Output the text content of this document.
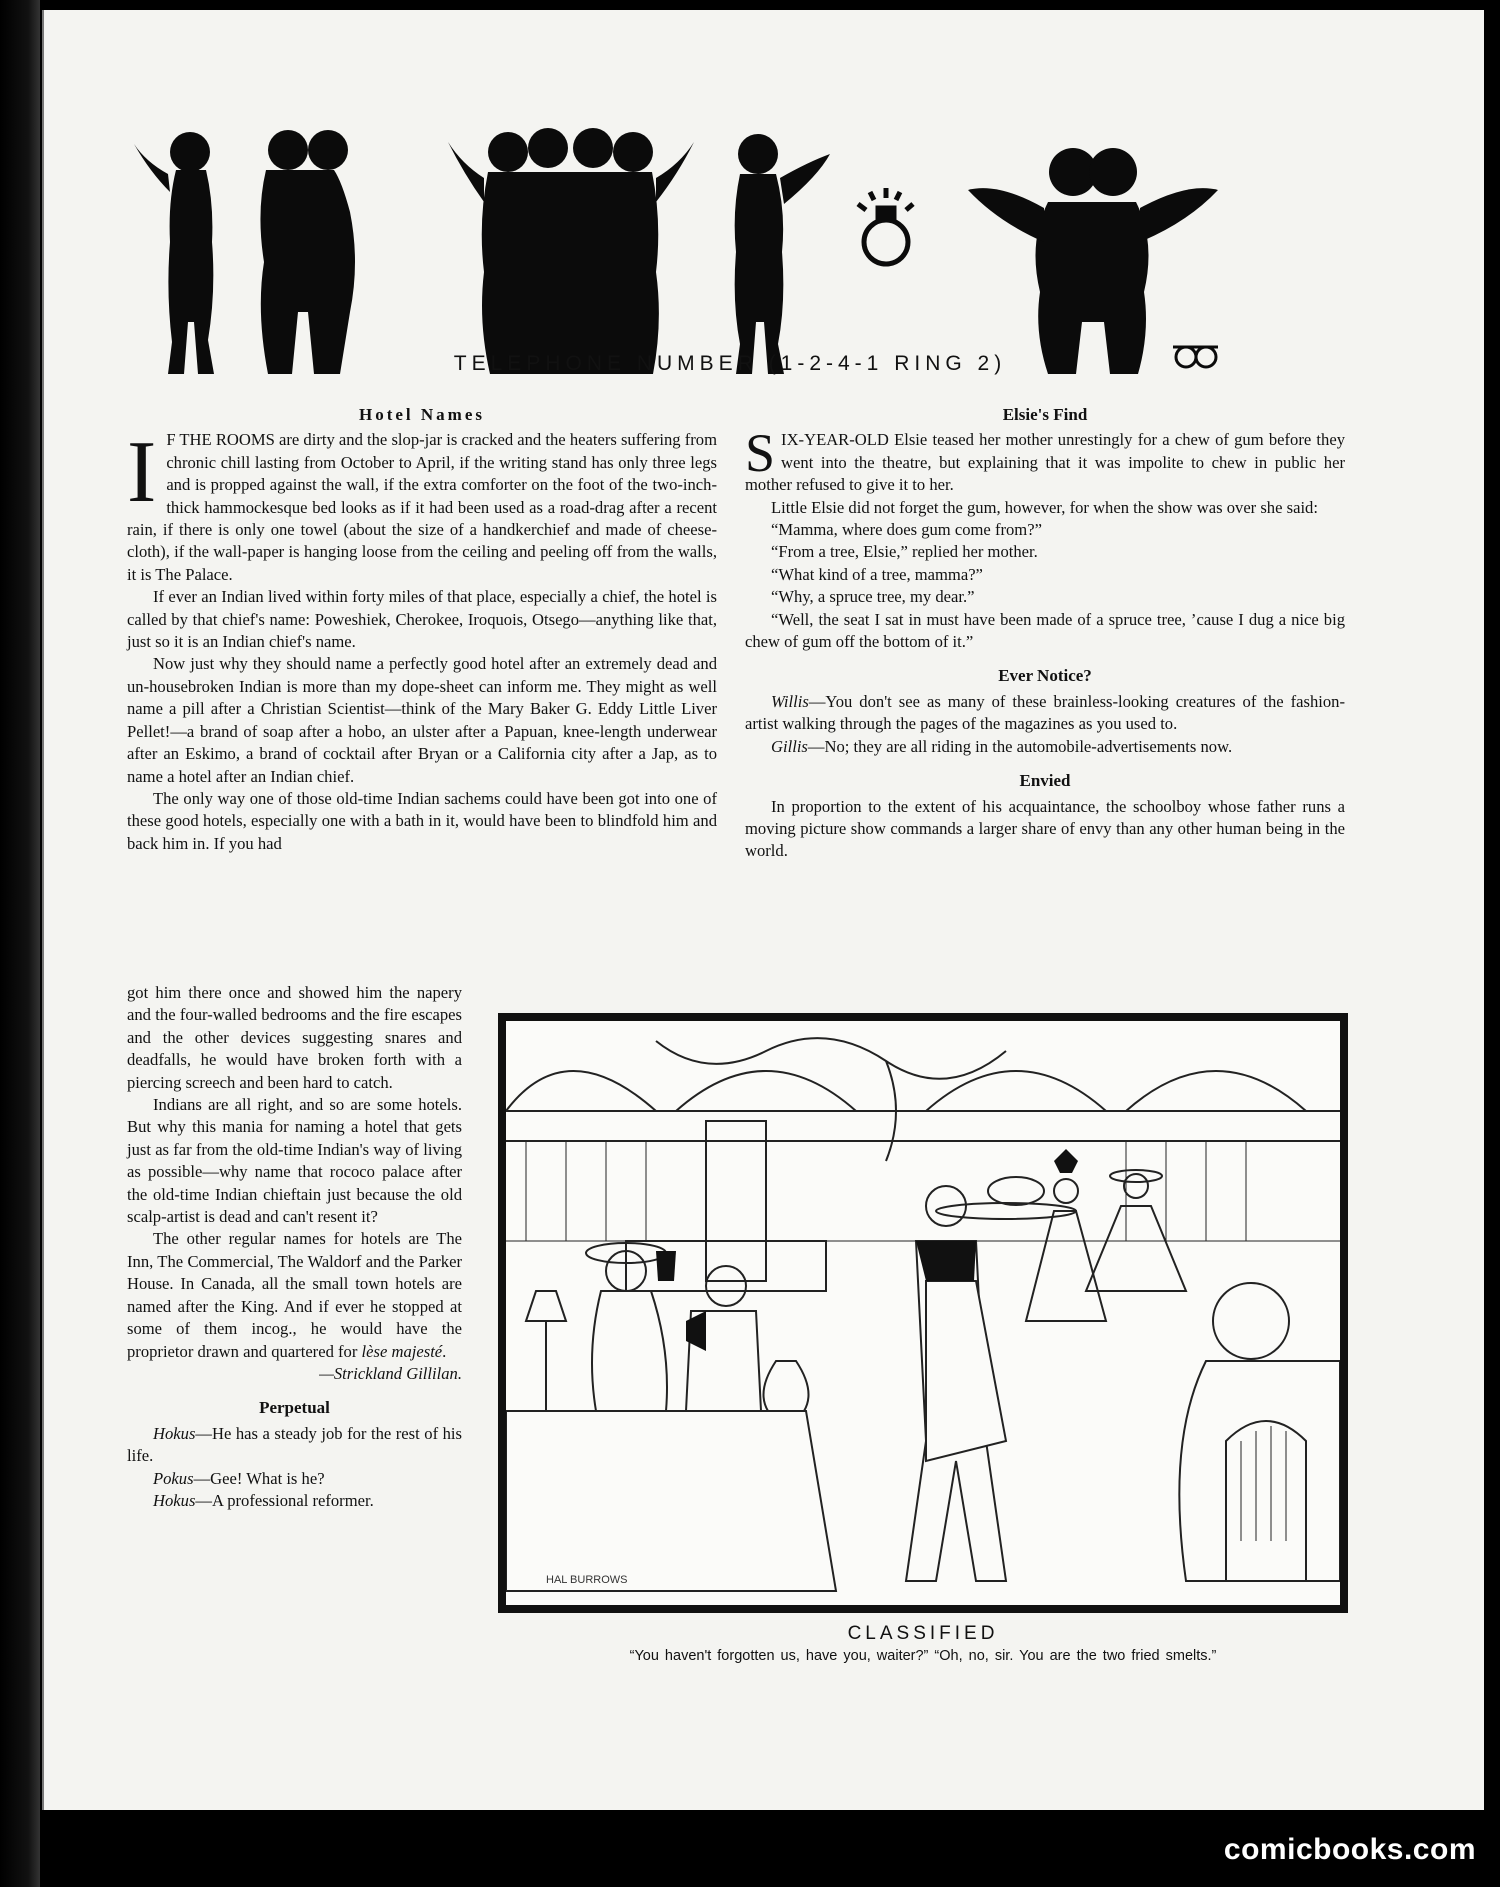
TELEPHONE NUMBER (1-2-4-1 RING 2)
Hotel Names

I F THE ROOMS are dirty and the slop-jar is cracked and the heaters suffering from chronic chill lasting from October to April, if the writing stand has only three legs and is propped against the wall, if the extra comforter on the foot of the two-inch-thick hammockesque bed looks as if it had been used as a road-drag after a recent rain, if there is only one towel (about the size of a handkerchief and made of cheese-cloth), if the wall-paper is hanging loose from the ceiling and peeling off from the walls, it is The Palace.

If ever an Indian lived within forty miles of that place, especially a chief, the hotel is called by that chief's name: Poweshiek, Cherokee, Iroquois, Otsego—anything like that, just so it is an Indian chief's name.

Now just why they should name a perfectly good hotel after an extremely dead and un-housebroken Indian is more than my dope-sheet can inform me. They might as well name a pill after a Christian Scientist—think of the Mary Baker G. Eddy Little Liver Pellet!—a brand of soap after a hobo, an ulster after a Papuan, knee-length underwear after an Eskimo, a brand of cocktail after Bryan or a California city after a Jap, as to name a hotel after an Indian chief.

The only way one of those old-time Indian sachems could have been got into one of these good hotels, especially one with a bath in it, would have been to blindfold him and back him in. If you had

got him there once and showed him the napery and the four-walled bedrooms and the fire escapes and the other devices suggesting snares and deadfalls, he would have broken forth with a piercing screech and been hard to catch.

Indians are all right, and so are some hotels. But why this mania for naming a hotel that gets just as far from the old-time Indian's way of living as possible—why name that rococo palace after the old-time Indian chieftain just because the old scalp-artist is dead and can't resent it?

The other regular names for hotels are The Inn, The Commercial, The Waldorf and the Parker House. In Canada, all the small town hotels are named after the King. And if ever he stopped at some of them incog., he would have the proprietor drawn and quartered for lèse majesté.

—Strickland Gillilan.

Perpetual

Hokus—He has a steady job for the rest of his life.

Pokus—Gee! What is he?

Hokus—A professional reformer.

Elsie's Find

SIX-YEAR-OLD Elsie teased her mother unrestingly for a chew of gum before they went into the theatre, but explaining that it was impolite to chew in public her mother refused to give it to her.

Little Elsie did not forget the gum, however, for when the show was over she said:

“Mamma, where does gum come from?”

“From a tree, Elsie,” replied her mother.

“What kind of a tree, mamma?”

“Why, a spruce tree, my dear.”

“Well, the seat I sat in must have been made of a spruce tree, ’cause I dug a nice big chew of gum off the bottom of it.”

Ever Notice?

Willis—You don't see as many of these brainless-looking creatures of the fashion-artist walking through the pages of the magazines as you used to.

Gillis—No; they are all riding in the automobile-advertisements now.

Envied

In proportion to the extent of his acquaintance, the schoolboy whose father runs a moving picture show commands a larger share of envy than any other human being in the world.

HAL BURROWS
CLASSIFIED
“You haven't forgotten us, have you, waiter?” “Oh, no, sir. You are the two fried smelts.”
comicbooks.com
